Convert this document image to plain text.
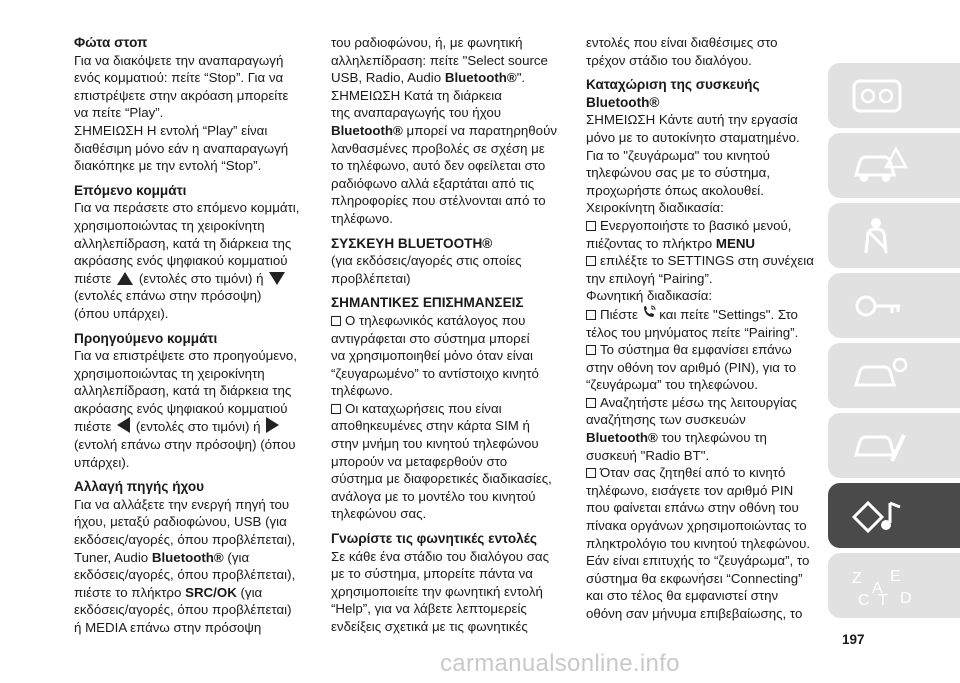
Φώτα στοπ

Για να διακόψετε την αναπαραγωγή
ενός κομματιού: πείτε “Stop”. Για να
επιστρέψετε στην ακρόαση μπορείτε
να πείτε “Play”.

ΣΗΜΕΙΩΣΗ Η εντολή “Play” είναι
διαθέσιμη μόνο εάν η αναπαραγωγή
διακόπηκε με την εντολή “Stop”.

Επόμενο κομμάτι

Για να περάσετε στο επόμενο κομμάτι,
χρησιμοποιώντας τη χειροκίνητη
αλληλεπίδραση, κατά τη διάρκεια της
ακρόασης ενός ψηφιακού κομματιού
πιέστε (εντολές στο τιμόνι) ή
(εντολές επάνω στην πρόσοψη)
(όπου υπάρχει).

Προηγούμενο κομμάτι

Για να επιστρέψετε στο προηγούμενο,
χρησιμοποιώντας τη χειροκίνητη
αλληλεπίδραση, κατά τη διάρκεια της
ακρόασης ενός ψηφιακού κομματιού
πιέστε (εντολές στο τιμόνι) ή
(εντολή επάνω στην πρόσοψη) (όπου
υπάρχει).

Αλλαγή πηγής ήχου

Για να αλλάξετε την ενεργή πηγή του
ήχου, μεταξύ ραδιοφώνου, USB (για
εκδόσεις/αγορές, όπου προβλέπεται),
Tuner, Audio Bluetooth® (για
εκδόσεις/αγορές, όπου προβλέπεται),
πιέστε το πλήκτρο SRC/OK (για
εκδόσεις/αγορές, όπου προβλέπεται)
ή MEDIA επάνω στην πρόσοψη

του ραδιοφώνου, ή, με φωνητική
αλληλεπίδραση: πείτε "Select source
USB, Radio, Audio Bluetooth®".

ΣΗΜΕΙΩΣΗ Κατά τη διάρκεια
της αναπαραγωγής του ήχου
Bluetooth® μπορεί να παρατηρηθούν
λανθασμένες προβολές σε σχέση με
το τηλέφωνο, αυτό δεν οφείλεται στο
ραδιόφωνο αλλά εξαρτάται από τις
πληροφορίες που στέλνονται από το
τηλέφωνο.

ΣΥΣΚΕΥΗ BLUETOOTH®

(για εκδόσεις/αγορές στις οποίες
προβλέπεται)

ΣΗΜΑΝΤΙΚΕΣ ΕΠΙΣΗΜΑΝΣΕΙΣ

Ο τηλεφωνικός κατάλογος που
αντιγράφεται στο σύστημα μπορεί
να χρησιμοποιηθεί μόνο όταν είναι
“ζευγαρωμένο” το αντίστοιχο κινητό
τηλέφωνο.

Οι καταχωρήσεις που είναι
αποθηκευμένες στην κάρτα SIM ή
στην μνήμη του κινητού τηλεφώνου
μπορούν να μεταφερθούν στο
σύστημα με διαφορετικές διαδικασίες,
ανάλογα με το μοντέλο του κινητού
τηλεφώνου σας.

Γνωρίστε τις φωνητικές εντολές

Σε κάθε ένα στάδιο του διαλόγου σας
με το σύστημα, μπορείτε πάντα να
χρησιμοποιείτε την φωνητική εντολή
“Help”, για να λάβετε λεπτομερείς
ενδείξεις σχετικά με τις φωνητικές

εντολές που είναι διαθέσιμες στο
τρέχον στάδιο του διαλόγου.

Καταχώριση της συσκευής
Bluetooth®

ΣΗΜΕΙΩΣΗ Κάντε αυτή την εργασία
μόνο με το αυτοκίνητο σταματημένο.
Για το "ζευγάρωμα" του κινητού
τηλεφώνου σας με το σύστημα,
προχωρήστε όπως ακολουθεί.
Χειροκίνητη διαδικασία:

Ενεργοποιήστε το βασικό μενού,
πιέζοντας το πλήκτρο MENU

επιλέξτε το SETTINGS στη συνέχεια
την επιλογή “Pairing”.

Φωνητική διαδικασία:

Πιέστε και πείτε "Settings". Στο
τέλος του μηνύματος πείτε “Pairing”.

Το σύστημα θα εμφανίσει επάνω
στην οθόνη τον αριθμό (PIN), για το
“ζευγάρωμα” του τηλεφώνου.

Αναζητήστε μέσω της λειτουργίας
αναζήτησης των συσκευών
Bluetooth® του τηλεφώνου τη
συσκευή "Radio BT".

Όταν σας ζητηθεί από το κινητό
τηλέφωνο, εισάγετε τον αριθμό PIN
που φαίνεται επάνω στην οθόνη του
πίνακα οργάνων χρησιμοποιώντας το
πληκτρολόγιο του κινητού τηλεφώνου.
Εάν είναι επιτυχής το “ζευγάρωμα”, το
σύστημα θα εκφωνήσει “Connecting”
και στο τέλος θα εμφανιστεί στην
οθόνη σαν μήνυμα επιβεβαίωσης, το

Z E
A
C T D
197
carmanualsonline.info
